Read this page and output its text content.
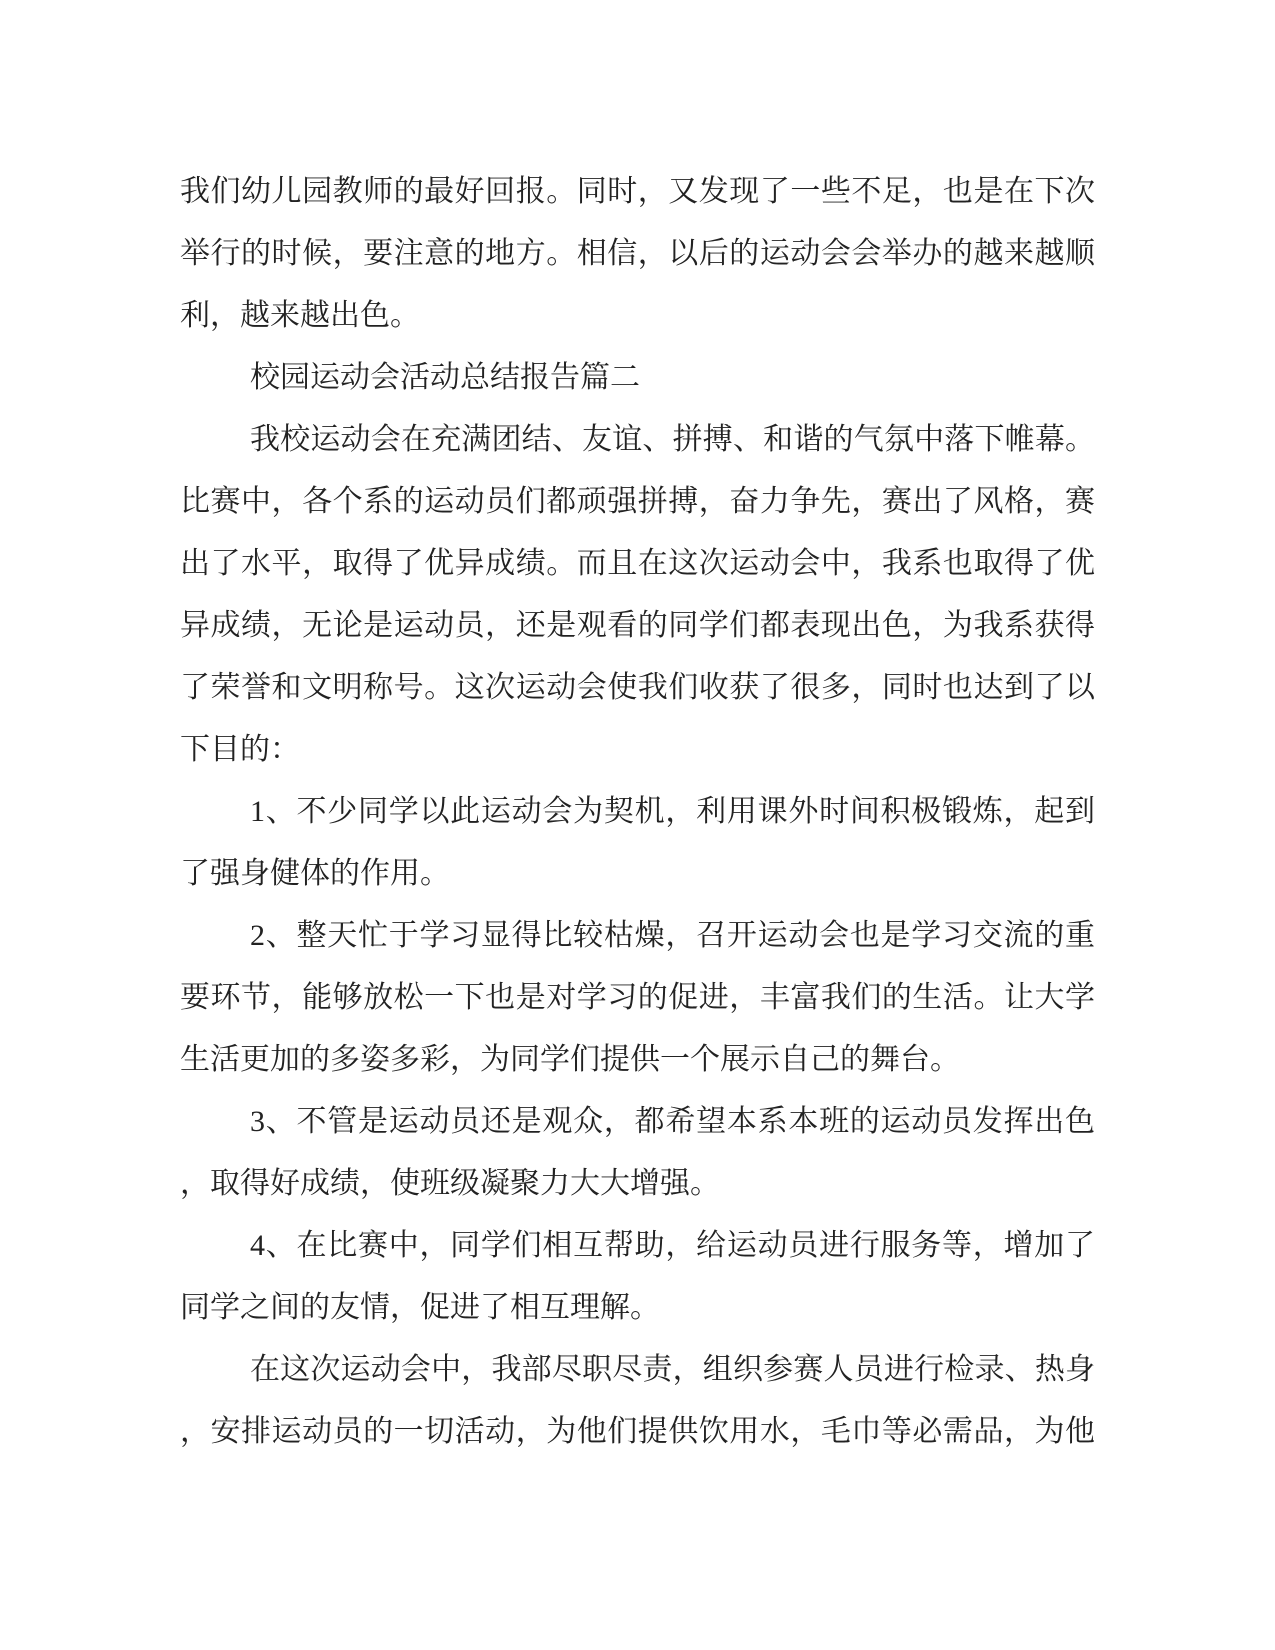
我们幼儿园教师的最好回报。同时，又发现了一些不足，也是在下次
举行的时候，要注意的地方。相信，以后的运动会会举办的越来越顺
利，越来越出色。
校园运动会活动总结报告篇二
我校运动会在充满团结、友谊、拼搏、和谐的气氛中落下帷幕。
比赛中，各个系的运动员们都顽强拼搏，奋力争先，赛出了风格，赛
出了水平，取得了优异成绩。而且在这次运动会中，我系也取得了优
异成绩，无论是运动员，还是观看的同学们都表现出色，为我系获得
了荣誉和文明称号。这次运动会使我们收获了很多，同时也达到了以
下目的：
1、不少同学以此运动会为契机，利用课外时间积极锻炼，起到
了强身健体的作用。
2、整天忙于学习显得比较枯燥，召开运动会也是学习交流的重
要环节，能够放松一下也是对学习的促进，丰富我们的生活。让大学
生活更加的多姿多彩，为同学们提供一个展示自己的舞台。
3、不管是运动员还是观众，都希望本系本班的运动员发挥出色
，取得好成绩，使班级凝聚力大大增强。
4、在比赛中，同学们相互帮助，给运动员进行服务等，增加了
同学之间的友情，促进了相互理解。
在这次运动会中，我部尽职尽责，组织参赛人员进行检录、热身
，安排运动员的一切活动，为他们提供饮用水，毛巾等必需品，为他
